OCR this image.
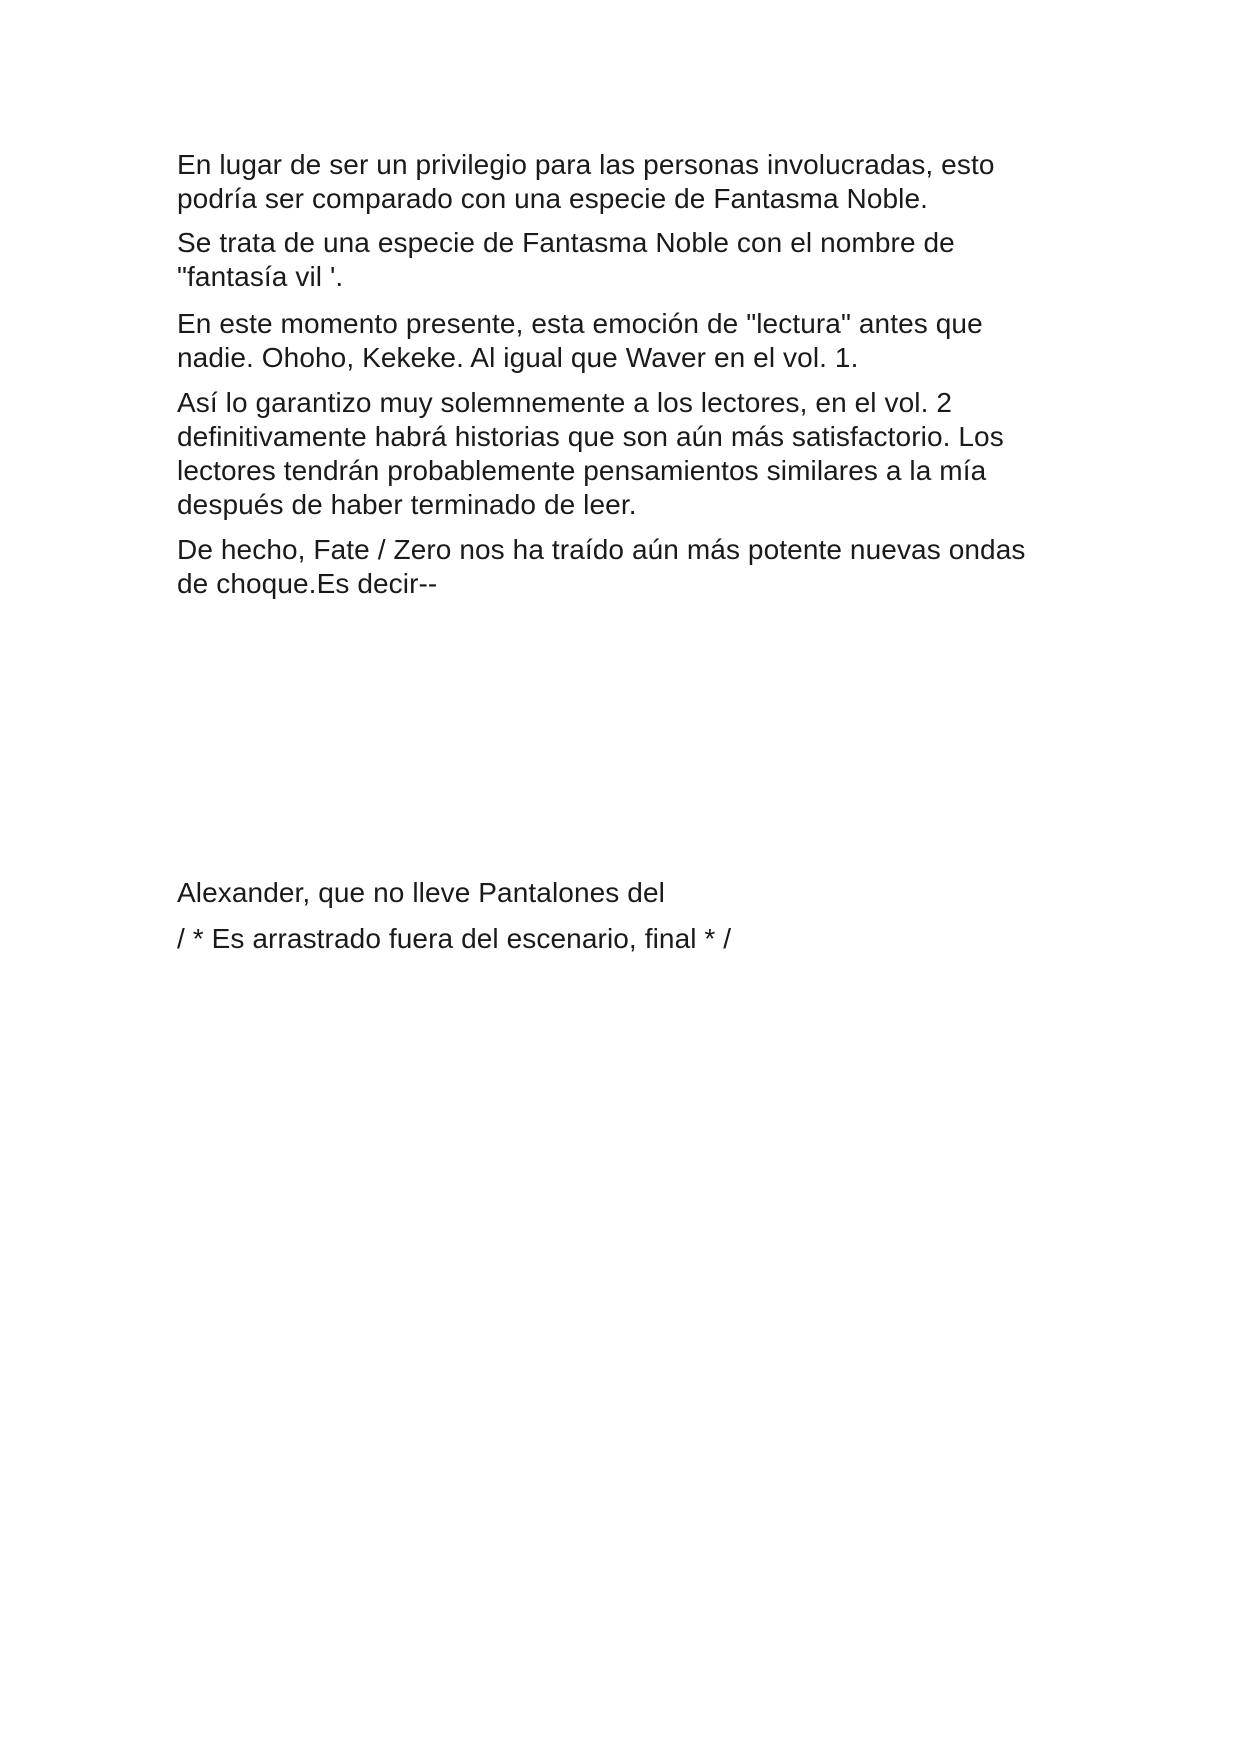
En lugar de ser un privilegio para las personas involucradas, esto
podría ser comparado con una especie de Fantasma Noble.

Se trata de una especie de Fantasma Noble con el nombre de
"fantasía vil '.

En este momento presente, esta emoción de "lectura" antes que
nadie. Ohoho, Kekeke. Al igual que Waver en el vol. 1.

Así lo garantizo muy solemnemente a los lectores, en el vol. 2
definitivamente habrá historias que son aún más satisfactorio. Los
lectores tendrán probablemente pensamientos similares a la mía
después de haber terminado de leer.

De hecho, Fate / Zero nos ha traído aún más potente nuevas ondas
de choque.Es decir--

Alexander, que no lleve Pantalones del

/ * Es arrastrado fuera del escenario, final * /
